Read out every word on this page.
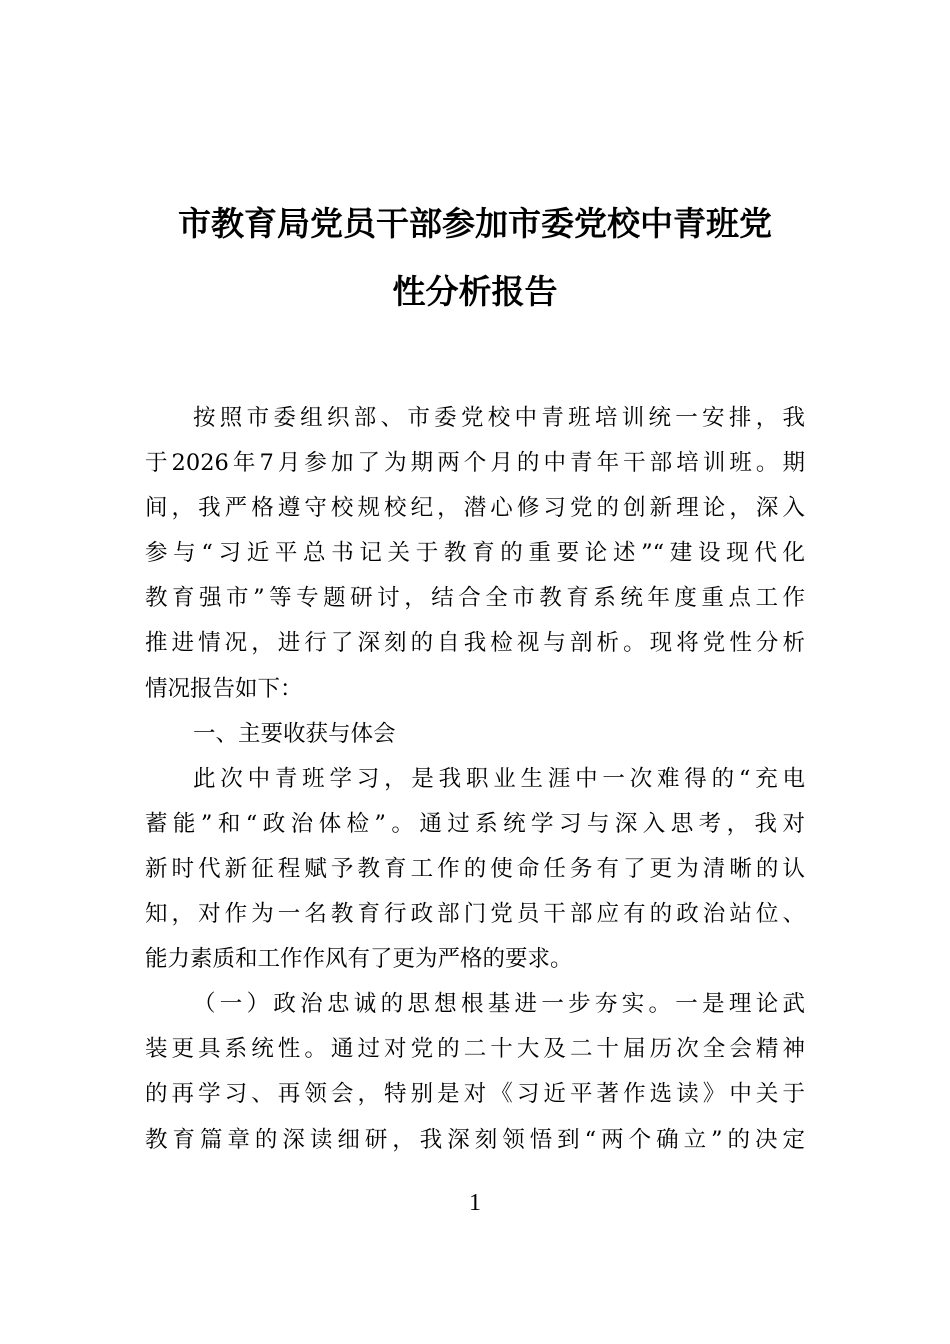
市教育局党员干部参加市委党校中青班党
性分析报告
按照市委组织部、市委党校中青班培训统一安排，我
于2026年7月参加了为期两个月的中青年干部培训班。期
间，我严格遵守校规校纪，潜心修习党的创新理论，深入
参与“习近平总书记关于教育的重要论述”“建设现代化
教育强市”等专题研讨，结合全市教育系统年度重点工作
推进情况，进行了深刻的自我检视与剖析。现将党性分析
情况报告如下：
一、主要收获与体会
此次中青班学习，是我职业生涯中一次难得的“充电
蓄能”和“政治体检”。通过系统学习与深入思考，我对
新时代新征程赋予教育工作的使命任务有了更为清晰的认
知，对作为一名教育行政部门党员干部应有的政治站位、
能力素质和工作作风有了更为严格的要求。
（一）政治忠诚的思想根基进一步夯实。一是理论武
装更具系统性。通过对党的二十大及二十届历次全会精神
的再学习、再领会，特别是对《习近平著作选读》中关于
教育篇章的深读细研，我深刻领悟到“两个确立”的决定
1
